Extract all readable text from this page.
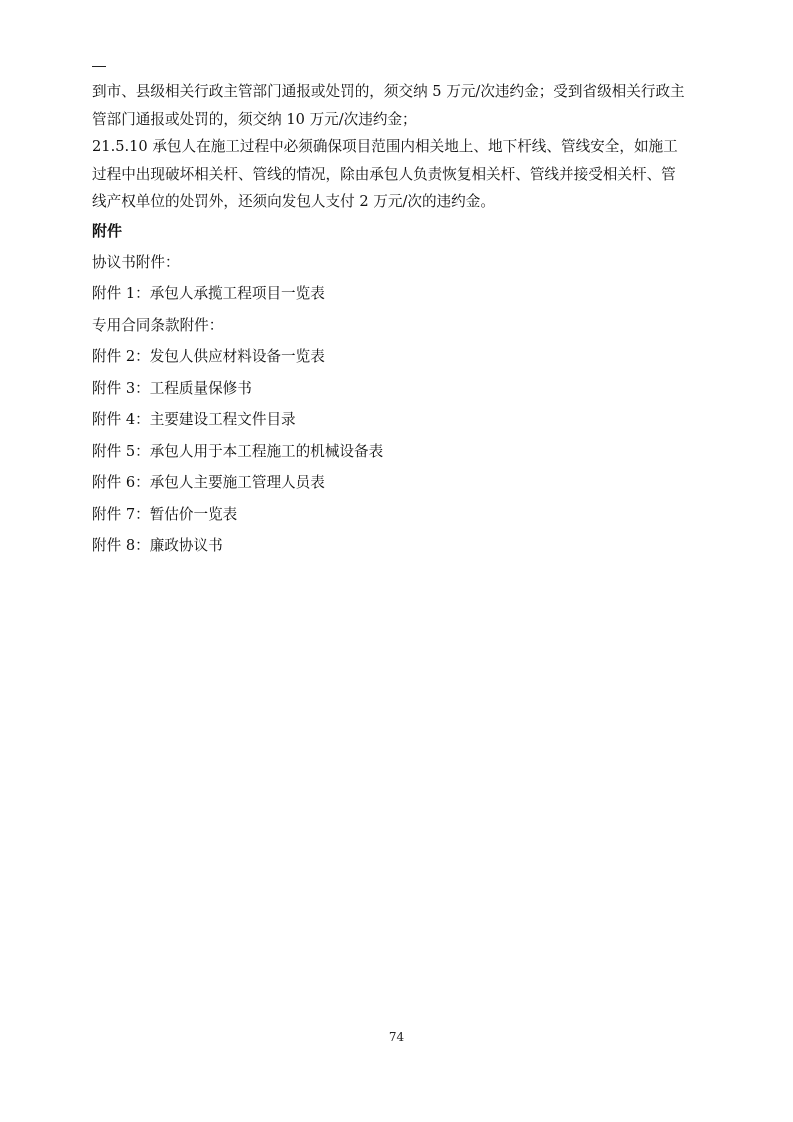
到市、县级相关行政主管部门通报或处罚的，须交纳 5 万元/次违约金；受到省级相关行政主

管部门通报或处罚的，须交纳 10 万元/次违约金；

21.5.10 承包人在施工过程中必须确保项目范围内相关地上、地下杆线、管线安全，如施工

过程中出现破坏相关杆、管线的情况，除由承包人负责恢复相关杆、管线并接受相关杆、管

线产权单位的处罚外，还须向发包人支付 2 万元/次的违约金。

附件

协议书附件：

附件 1：承包人承揽工程项目一览表

专用合同条款附件：

附件 2：发包人供应材料设备一览表

附件 3：工程质量保修书

附件 4：主要建设工程文件目录

附件 5：承包人用于本工程施工的机械设备表

附件 6：承包人主要施工管理人员表

附件 7：暂估价一览表

附件 8：廉政协议书

74
